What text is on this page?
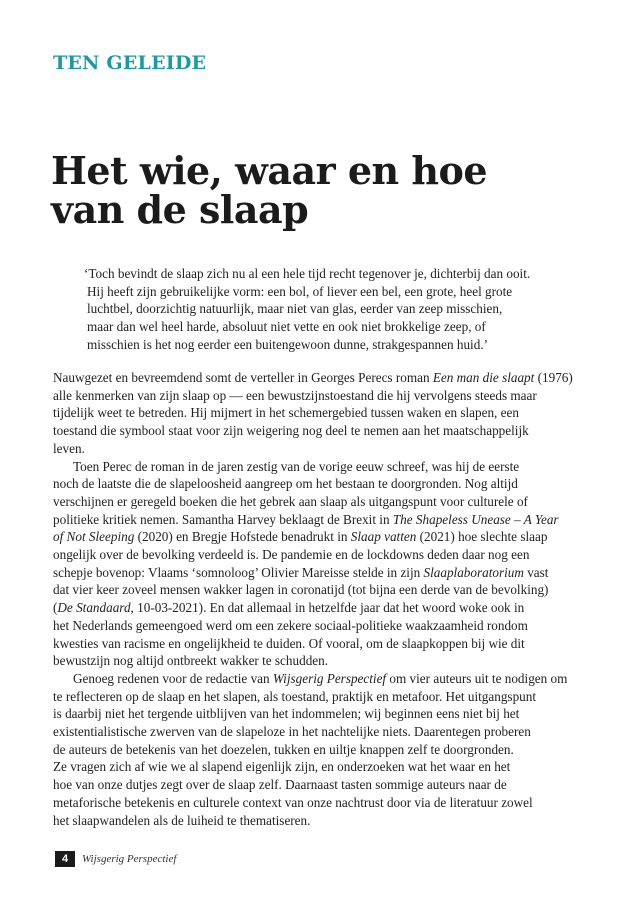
TEN GELEIDE
Het wie, waar en hoe
van de slaap
‘Toch bevindt de slaap zich nu al een hele tijd recht tegenover je, dichterbij dan ooit.
Hij heeft zijn gebruikelijke vorm: een bol, of liever een bel, een grote, heel grote
luchtbel, doorzichtig natuurlijk, maar niet van glas, eerder van zeep misschien,
maar dan wel heel harde, absoluut niet vette en ook niet brokkelige zeep, of
misschien is het nog eerder een buitengewoon dunne, strakgespannen huid.’
Nauwgezet en bevreemdend somt de verteller in Georges Perecs roman Een man die slaapt (1976)
alle kenmerken van zijn slaap op — een bewustzijnstoestand die hij vervolgens steeds maar
tijdelijk weet te betreden. Hij mijmert in het schemergebied tussen waken en slapen, een
toestand die symbool staat voor zijn weigering nog deel te nemen aan het maatschappelijk
leven.
Toen Perec de roman in de jaren zestig van de vorige eeuw schreef, was hij de eerste
noch de laatste die de slapeloosheid aangreep om het bestaan te doorgronden. Nog altijd
verschijnen er geregeld boeken die het gebrek aan slaap als uitgangspunt voor culturele of
politieke kritiek nemen. Samantha Harvey beklaagt de Brexit in The Shapeless Unease – A Year
of Not Sleeping (2020) en Bregje Hofstede benadrukt in Slaap vatten (2021) hoe slechte slaap
ongelijk over de bevolking verdeeld is. De pandemie en de lockdowns deden daar nog een
schepje bovenop: Vlaams ‘somnoloog’ Olivier Mareisse stelde in zijn Slaaplaboratorium vast
dat vier keer zoveel mensen wakker lagen in coronatijd (tot bijna een derde van de bevolking)
(De Standaard, 10-03-2021). En dat allemaal in hetzelfde jaar dat het woord woke ook in
het Nederlands gemeengoed werd om een zekere sociaal-politieke waakzaamheid rondom
kwesties van racisme en ongelijkheid te duiden. Of vooral, om de slaapkoppen bij wie dit
bewustzijn nog altijd ontbreekt wakker te schudden.
Genoeg redenen voor de redactie van Wijsgerig Perspectief om vier auteurs uit te nodigen om
te reflecteren op de slaap en het slapen, als toestand, praktijk en metafoor. Het uitgangspunt
is daarbij niet het tergende uitblijven van het indommelen; wij beginnen eens niet bij het
existentialistische zwerven van de slapeloze in het nachtelijke niets. Daarentegen proberen
de auteurs de betekenis van het doezelen, tukken en uiltje knappen zelf te doorgronden.
Ze vragen zich af wie we al slapend eigenlijk zijn, en onderzoeken wat het waar en het
hoe van onze dutjes zegt over de slaap zelf. Daarnaast tasten sommige auteurs naar de
metaforische betekenis en culturele context van onze nachtrust door via de literatuur zowel
het slaapwandelen als de luiheid te thematiseren.
4	Wijsgerig Perspectief
